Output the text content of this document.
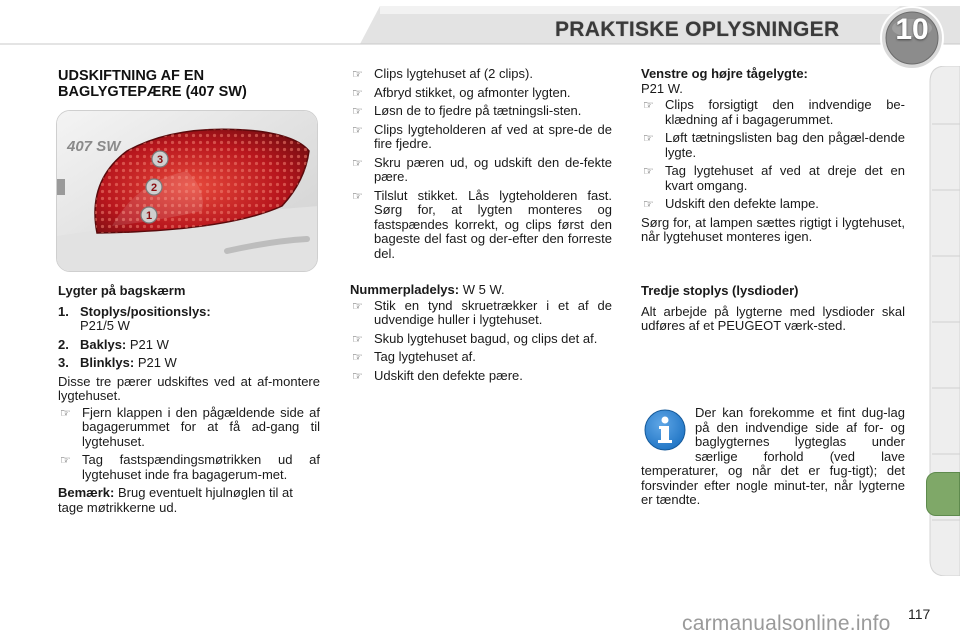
PRAKTISKE OPLYSNINGER	10
UDSKIFTNING AF EN BAGLYGTEPÆRE (407 SW)
407 SW
3
2
1

Lygter på bagskærm

1. Stoplys/positionslys:
P21/5 W
2. Baklys: P21 W
3. Blinklys: P21 W

Disse tre pærer udskiftes ved at af-montere lygtehuset.

☞ Fjern klappen i den pågældende side af bagagerummet for at få ad-gang til lygtehuset.
☞ Tag fastspændingsmøtrikken ud af lygtehuset inde fra bagagerum-met.

Bemærk: Brug eventuelt hjulnøglen til at tage møtrikkerne ud.

☞ Clips lygtehuset af (2 clips).
☞ Afbryd stikket, og afmonter lygten.
☞ Løsn de to fjedre på tætningsli-sten.
☞ Clips lygteholderen af ved at spre-de de fire fjedre.
☞ Skru pæren ud, og udskift den de-fekte pære.
☞ Tilslut stikket. Lås lygteholderen fast. Sørg for, at lygten monteres og fastspændes korrekt, og clips først den bageste del fast og der-efter den forreste del.

Nummerpladelys: W 5 W.

☞ Stik en tynd skruetrækker i et af de udvendige huller i lygtehuset.
☞ Skub lygtehuset bagud, og clips det af.
☞ Tag lygtehuset af.
☞ Udskift den defekte pære.

Venstre og højre tågelygte:

P21 W.

☞ Clips forsigtigt den indvendige be-klædning af i bagagerummet.
☞ Løft tætningslisten bag den pågæl-dende lygte.
☞ Tag lygtehuset af ved at dreje det en kvart omgang.
☞ Udskift den defekte lampe.

Sørg for, at lampen sættes rigtigt i lygtehuset, når lygtehuset monteres igen.

Tredje stoplys (lysdioder)

Alt arbejde på lygterne med lysdioder skal udføres af et PEUGEOT værk-sted.

Der kan forekomme et fint dug-lag på den indvendige side af for- og baglygternes lygteglas under særlige forhold (ved lave temperaturer, og når det er fug-tigt); det forsvinder efter nogle minut-ter, når lygterne er tændte.
carmanualsonline.info 117
